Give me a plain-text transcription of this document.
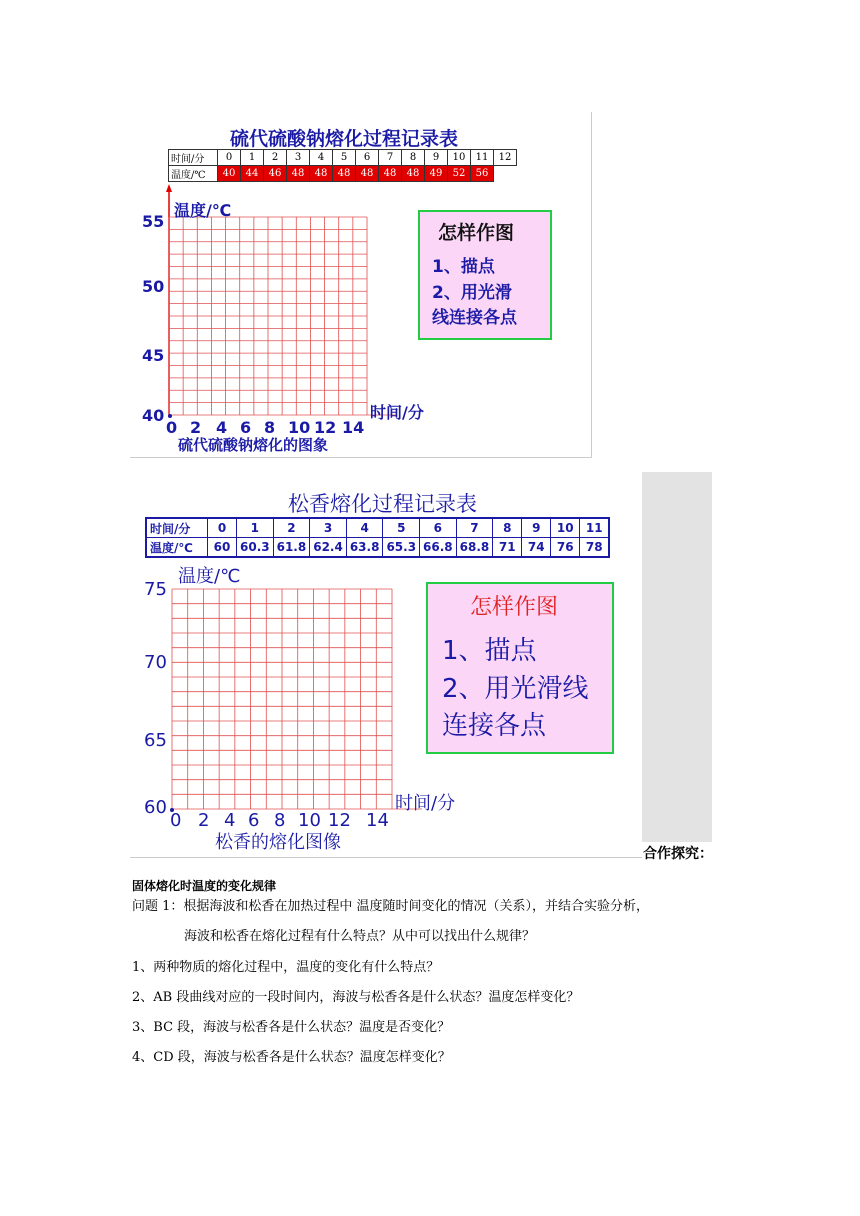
硫代硫酸钠熔化过程记录表
时间/分	0	1	2	3	4	5	6	7	8	9	10	11	12
温度/℃	40	44	46	48	48	48	48	48	48	49	52	56	
温度/℃
55
50
45
40	时间/分
0 2 4 6 8 10 12 14
硫代硫酸钠熔化的图象
怎样作图
1、描点
2、用光滑
线连接各点
松香熔化过程记录表
时间/分	0	1	2	3	4	5	6	7	8	9	10	11
温度/℃	60	60.3	61.8	62.4	63.8	65.3	66.8	68.8	71	74	76	78
温度/℃
75
70
65
60	时间/分
0 2 4 6 8 10 12 14
松香的熔化图像
怎样作图
1、描点
2、用光滑线
连接各点
合作探究：
固体熔化时温度的变化规律
问题 1：根据海波和松香在加热过程中 温度随时间变化的情况（关系），并结合实验分析，
海波和松香在熔化过程有什么特点？从中可以找出什么规律？
1、两种物质的熔化过程中，温度的变化有什么特点？
2、AB 段曲线对应的一段时间内，海波与松香各是什么状态？温度怎样变化？
3、BC 段，海波与松香各是什么状态？温度是否变化？
4、CD 段，海波与松香各是什么状态？温度怎样变化？
